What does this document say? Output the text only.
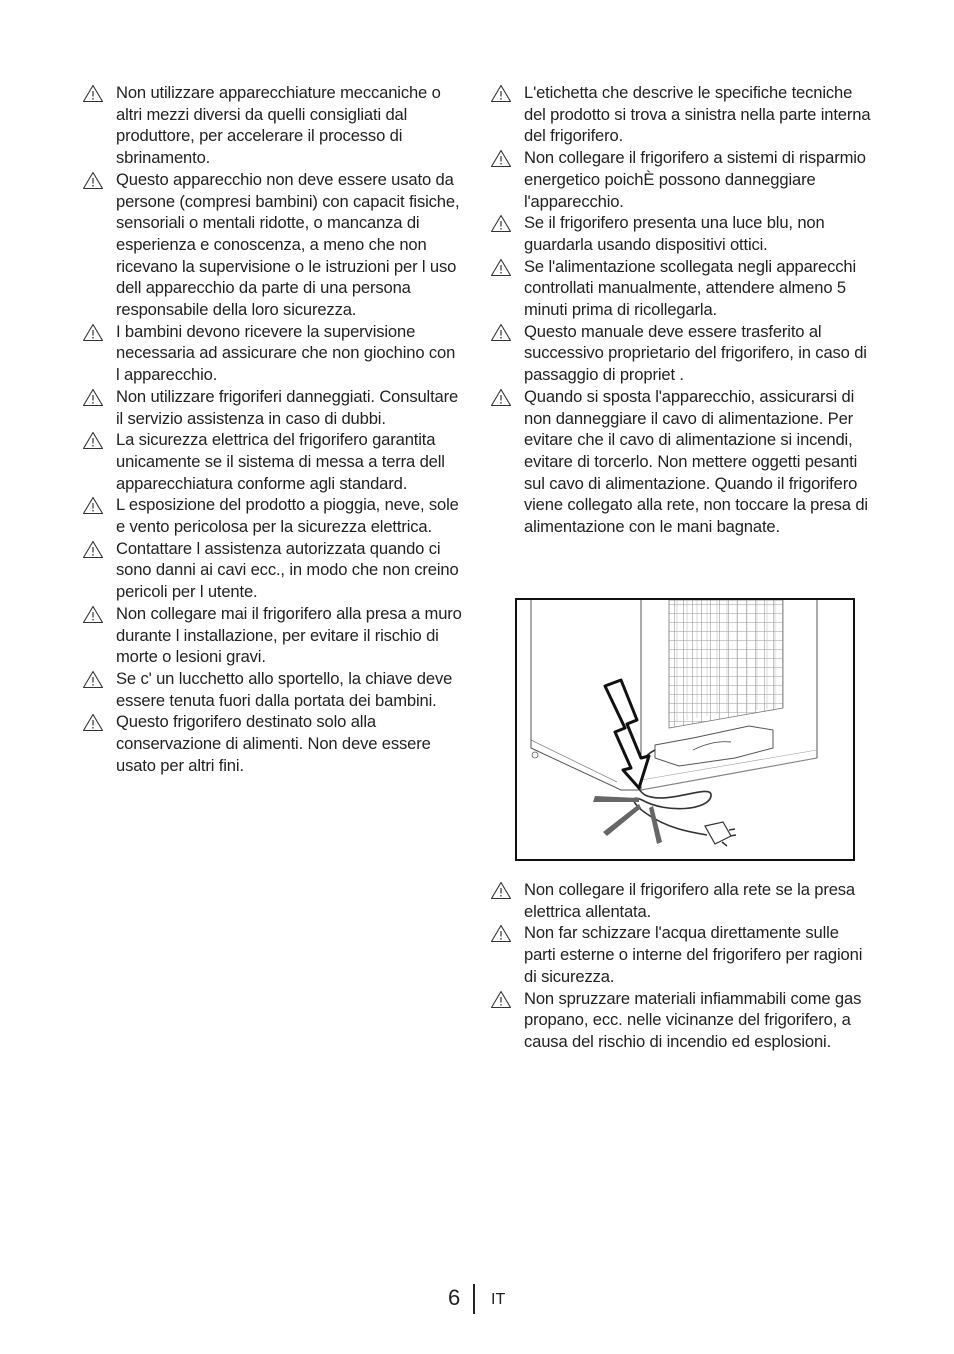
Non utilizzare apparecchiature meccaniche o altri mezzi diversi da quelli consigliati dal produttore, per accelerare il processo di sbrinamento.
Questo apparecchio non deve essere usato da persone (compresi bambini) con capacit fisiche, sensoriali o mentali ridotte, o mancanza di esperienza e conoscenza, a meno che non ricevano la supervisione o le istruzioni per l uso dell apparecchio da parte di una persona responsabile della loro sicurezza.
I bambini devono ricevere la supervisione necessaria ad assicurare che non giochino con l apparecchio.
Non utilizzare frigoriferi danneggiati. Consultare il servizio assistenza in caso di dubbi.
La sicurezza elettrica del frigorifero garantita unicamente se il sistema di messa a terra dell apparecchiatura conforme agli standard.
L esposizione del prodotto a pioggia, neve, sole e vento pericolosa per la sicurezza elettrica.
Contattare l assistenza autorizzata quando ci sono danni ai cavi ecc., in modo che non creino pericoli per l utente.
Non collegare mai il frigorifero alla presa a muro durante l installazione, per evitare il rischio di morte o lesioni gravi.
Se c' un lucchetto allo sportello, la chiave deve essere tenuta fuori dalla portata dei bambini.
Questo frigorifero destinato solo alla conservazione di alimenti. Non deve essere usato per altri fini.
L'etichetta che descrive le specifiche tecniche del prodotto si trova a sinistra nella parte interna del frigorifero.
Non collegare il frigorifero a sistemi di risparmio energetico poichÈ possono danneggiare l'apparecchio.
Se il frigorifero presenta una luce blu, non guardarla usando dispositivi ottici.
Se l'alimentazione scollegata negli apparecchi controllati manualmente, attendere almeno 5 minuti prima di ricollegarla.
Questo manuale deve essere trasferito al successivo proprietario del frigorifero, in caso di passaggio di propriet .
Quando si sposta l'apparecchio, assicurarsi di non danneggiare il cavo di alimentazione. Per evitare che il cavo di alimentazione si incendi, evitare di torcerlo. Non mettere oggetti pesanti sul cavo di alimentazione. Quando il frigorifero viene collegato alla rete, non toccare la presa di alimentazione con le mani bagnate.
Non collegare il frigorifero alla rete se la presa elettrica allentata.
Non far schizzare l'acqua direttamente sulle parti esterne o interne del frigorifero per ragioni di sicurezza.
Non spruzzare materiali infiammabili come gas propano, ecc. nelle vicinanze del frigorifero, a causa del rischio di incendio ed esplosioni.
6 IT
